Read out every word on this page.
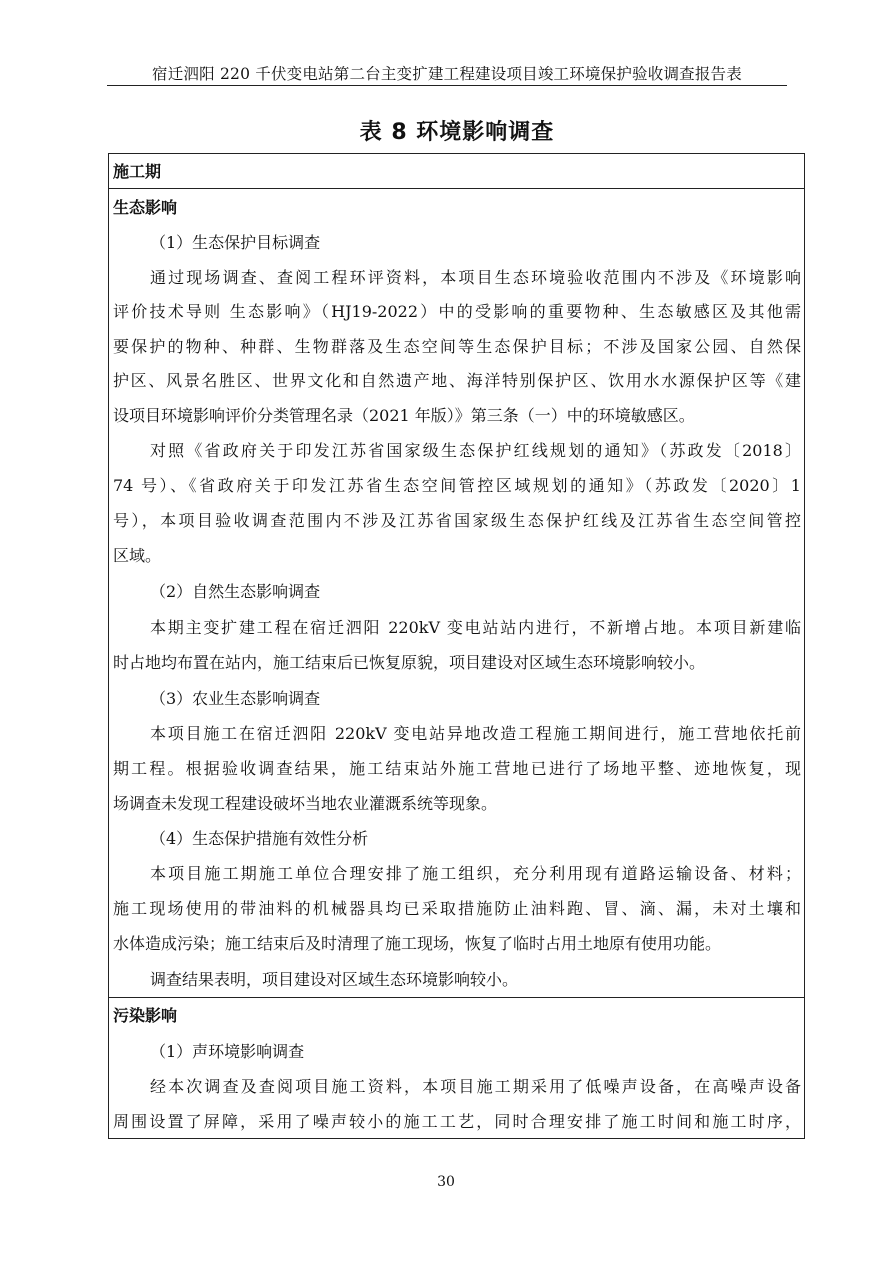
宿迁泗阳 220 千伏变电站第二台主变扩建工程建设项目竣工环境保护验收调查报告表
表 8 环境影响调查
施工期
生态影响
（1）生态保护目标调查
通过现场调查、查阅工程环评资料，本项目生态环境验收范围内不涉及《环境影响
评价技术导则 生态影响》（HJ19-2022）中的受影响的重要物种、生态敏感区及其他需
要保护的物种、种群、生物群落及生态空间等生态保护目标；不涉及国家公园、自然保
护区、风景名胜区、世界文化和自然遗产地、海洋特别保护区、饮用水水源保护区等《建
设项目环境影响评价分类管理名录（2021 年版）》第三条（一）中的环境敏感区。
对照《省政府关于印发江苏省国家级生态保护红线规划的通知》（苏政发〔2018〕
74 号）、《省政府关于印发江苏省生态空间管控区域规划的通知》（苏政发〔2020〕1
号），本项目验收调查范围内不涉及江苏省国家级生态保护红线及江苏省生态空间管控
区域。
（2）自然生态影响调查
本期主变扩建工程在宿迁泗阳 220kV 变电站站内进行，不新增占地。本项目新建临
时占地均布置在站内，施工结束后已恢复原貌，项目建设对区域生态环境影响较小。
（3）农业生态影响调查
本项目施工在宿迁泗阳 220kV 变电站异地改造工程施工期间进行，施工营地依托前
期工程。根据验收调查结果，施工结束站外施工营地已进行了场地平整、迹地恢复，现
场调查未发现工程建设破坏当地农业灌溉系统等现象。
（4）生态保护措施有效性分析
本项目施工期施工单位合理安排了施工组织，充分利用现有道路运输设备、材料；
施工现场使用的带油料的机械器具均已采取措施防止油料跑、冒、滴、漏，未对土壤和
水体造成污染；施工结束后及时清理了施工现场，恢复了临时占用土地原有使用功能。
调查结果表明，项目建设对区域生态环境影响较小。
污染影响
（1）声环境影响调查
经本次调查及查阅项目施工资料，本项目施工期采用了低噪声设备，在高噪声设备
周围设置了屏障，采用了噪声较小的施工工艺，同时合理安排了施工时间和施工时序，
30
